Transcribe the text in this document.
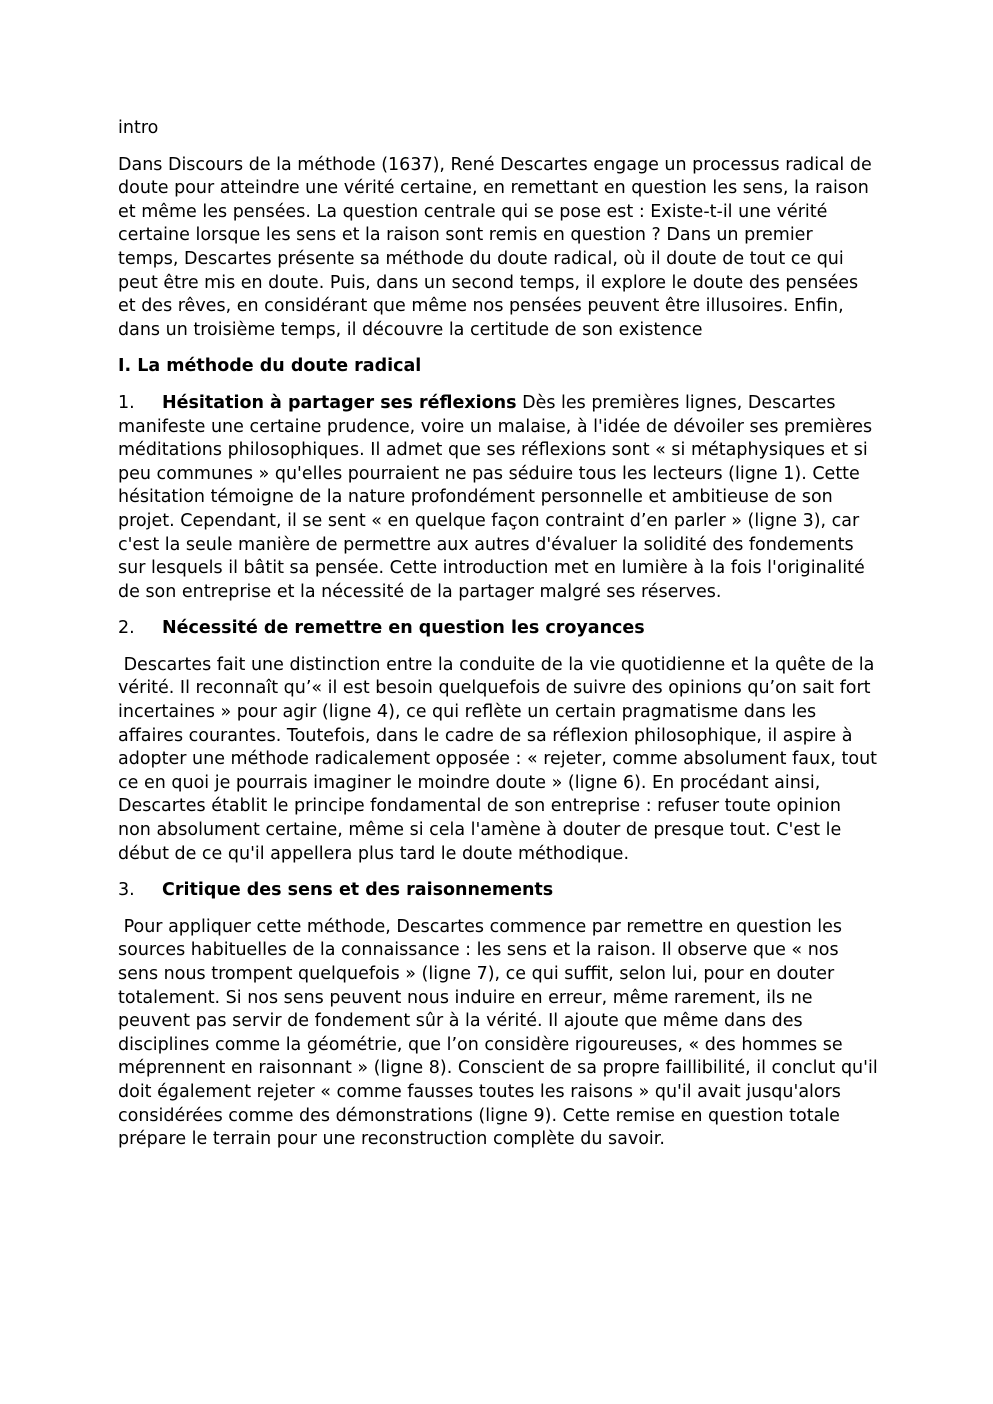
intro

Dans Discours de la méthode (1637), René Descartes engage un processus radical de doute pour atteindre une vérité certaine, en remettant en question les sens, la raison et même les pensées. La question centrale qui se pose est : Existe-t-il une vérité certaine lorsque les sens et la raison sont remis en question ? Dans un premier temps, Descartes présente sa méthode du doute radical, où il doute de tout ce qui peut être mis en doute. Puis, dans un second temps, il explore le doute des pensées et des rêves, en considérant que même nos pensées peuvent être illusoires. Enfin, dans un troisième temps, il découvre la certitude de son existence

I. La méthode du doute radical

1. Hésitation à partager ses réflexions Dès les premières lignes, Descartes manifeste une certaine prudence, voire un malaise, à l'idée de dévoiler ses premières méditations philosophiques. Il admet que ses réflexions sont « si métaphysiques et si peu communes » qu'elles pourraient ne pas séduire tous les lecteurs (ligne 1). Cette hésitation témoigne de la nature profondément personnelle et ambitieuse de son projet. Cependant, il se sent « en quelque façon contraint d’en parler » (ligne 3), car c'est la seule manière de permettre aux autres d'évaluer la solidité des fondements sur lesquels il bâtit sa pensée. Cette introduction met en lumière à la fois l'originalité de son entreprise et la nécessité de la partager malgré ses réserves.

2. Nécessité de remettre en question les croyances

Descartes fait une distinction entre la conduite de la vie quotidienne et la quête de la vérité. Il reconnaît qu’« il est besoin quelquefois de suivre des opinions qu’on sait fort incertaines » pour agir (ligne 4), ce qui reflète un certain pragmatisme dans les affaires courantes. Toutefois, dans le cadre de sa réflexion philosophique, il aspire à adopter une méthode radicalement opposée : « rejeter, comme absolument faux, tout ce en quoi je pourrais imaginer le moindre doute » (ligne 6). En procédant ainsi, Descartes établit le principe fondamental de son entreprise : refuser toute opinion non absolument certaine, même si cela l'amène à douter de presque tout. C'est le début de ce qu'il appellera plus tard le doute méthodique.

3. Critique des sens et des raisonnements

Pour appliquer cette méthode, Descartes commence par remettre en question les sources habituelles de la connaissance : les sens et la raison. Il observe que « nos sens nous trompent quelquefois » (ligne 7), ce qui suffit, selon lui, pour en douter totalement. Si nos sens peuvent nous induire en erreur, même rarement, ils ne peuvent pas servir de fondement sûr à la vérité. Il ajoute que même dans des disciplines comme la géométrie, que l’on considère rigoureuses, « des hommes se méprennent en raisonnant » (ligne 8). Conscient de sa propre faillibilité, il conclut qu'il doit également rejeter « comme fausses toutes les raisons » qu'il avait jusqu'alors considérées comme des démonstrations (ligne 9). Cette remise en question totale prépare le terrain pour une reconstruction complète du savoir.
